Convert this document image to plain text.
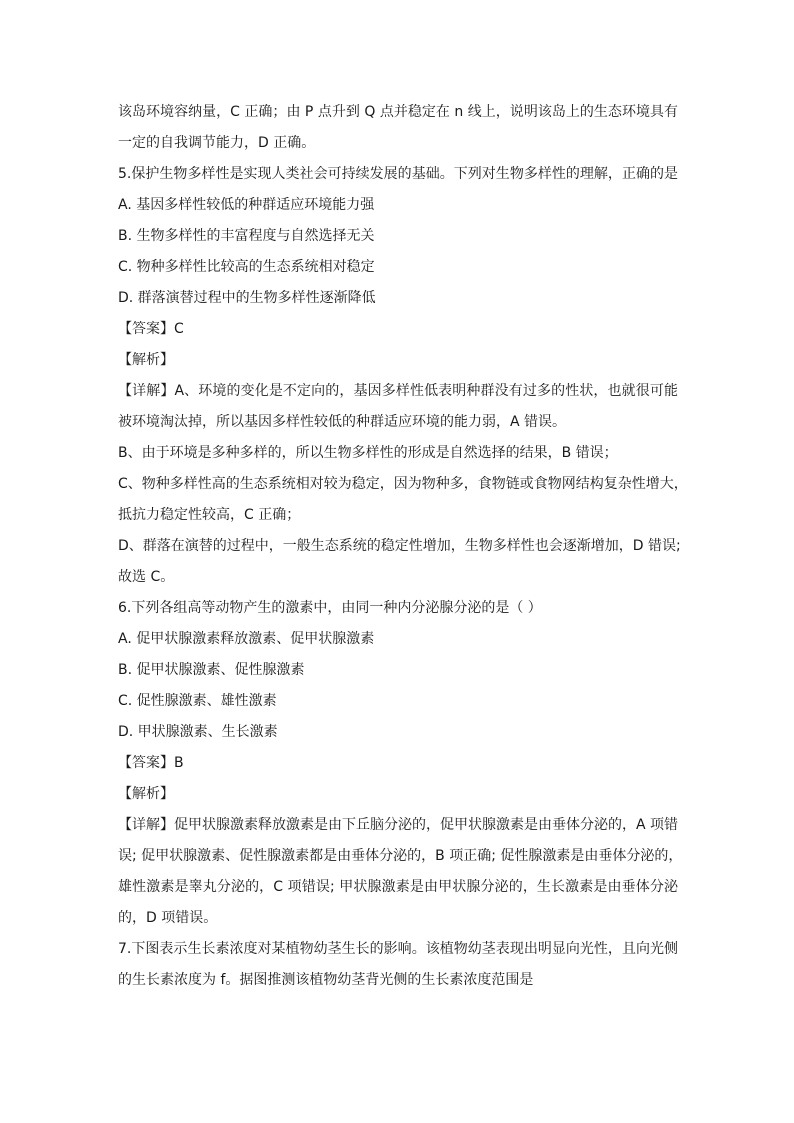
该岛环境容纳量，C 正确；由 P 点升到 Q 点并稳定在 n 线上，说明该岛上的生态环境具有
一定的自我调节能力，D 正确。
5.保护生物多样性是实现人类社会可持续发展的基础。下列对生物多样性的理解，正确的是
A. 基因多样性较低的种群适应环境能力强
B. 生物多样性的丰富程度与自然选择无关
C. 物种多样性比较高的生态系统相对稳定
D. 群落演替过程中的生物多样性逐渐降低
【答案】C
【解析】
【详解】A、环境的变化是不定向的，基因多样性低表明种群没有过多的性状，也就很可能
被环境淘汰掉，所以基因多样性较低的种群适应环境的能力弱，A 错误。
B、由于环境是多种多样的，所以生物多样性的形成是自然选择的结果，B 错误；
C、物种多样性高的生态系统相对较为稳定，因为物种多，食物链或食物网结构复杂性增大，
抵抗力稳定性较高，C 正确；
D、群落在演替的过程中，一般生态系统的稳定性增加，生物多样性也会逐渐增加，D 错误;
故选 C。
6.下列各组高等动物产生的激素中，由同一种内分泌腺分泌的是（ ）
A. 促甲状腺激素释放激素、促甲状腺激素
B. 促甲状腺激素、促性腺激素
C. 促性腺激素、雄性激素
D. 甲状腺激素、生长激素
【答案】B
【解析】
【详解】促甲状腺激素释放激素是由下丘脑分泌的，促甲状腺激素是由垂体分泌的，A 项错
误; 促甲状腺激素、促性腺激素都是由垂体分泌的，B 项正确; 促性腺激素是由垂体分泌的，
雄性激素是睾丸分泌的，C 项错误; 甲状腺激素是由甲状腺分泌的，生长激素是由垂体分泌
的，D 项错误。
7.下图表示生长素浓度对某植物幼茎生长的影响。该植物幼茎表现出明显向光性，且向光侧
的生长素浓度为 f。据图推测该植物幼茎背光侧的生长素浓度范围是
